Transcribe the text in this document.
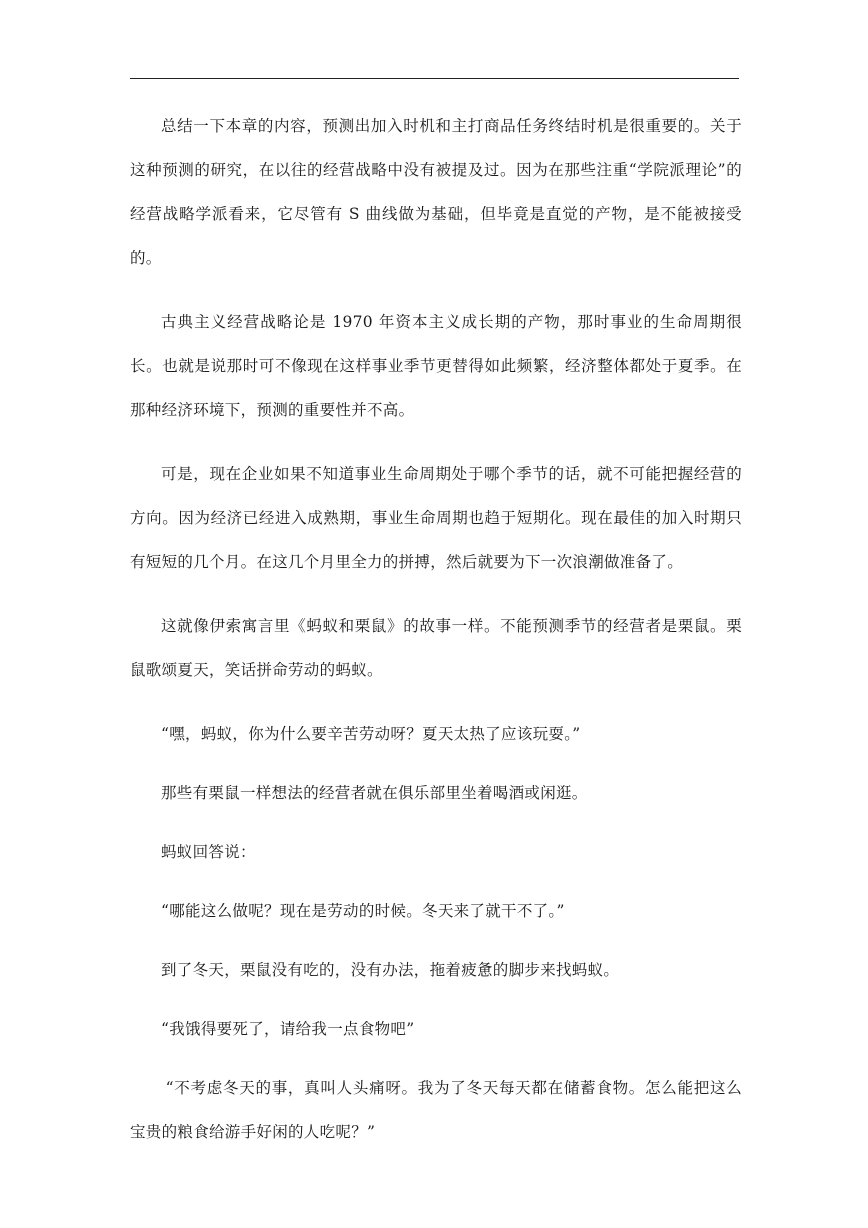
总结一下本章的内容，预测出加入时机和主打商品任务终结时机是很重要的。关于这种预测的研究，在以往的经营战略中没有被提及过。因为在那些注重“学院派理论”的经营战略学派看来，它尽管有 S 曲线做为基础，但毕竟是直觉的产物，是不能被接受的。

古典主义经营战略论是 1970 年资本主义成长期的产物，那时事业的生命周期很长。也就是说那时可不像现在这样事业季节更替得如此频繁，经济整体都处于夏季。在那种经济环境下，预测的重要性并不高。

可是，现在企业如果不知道事业生命周期处于哪个季节的话，就不可能把握经营的方向。因为经济已经进入成熟期，事业生命周期也趋于短期化。现在最佳的加入时期只有短短的几个月。在这几个月里全力的拼搏，然后就要为下一次浪潮做准备了。

这就像伊索寓言里《蚂蚁和栗鼠》的故事一样。不能预测季节的经营者是栗鼠。栗鼠歌颂夏天，笑话拼命劳动的蚂蚁。

“嘿，蚂蚁，你为什么要辛苦劳动呀？夏天太热了应该玩耍。”

那些有栗鼠一样想法的经营者就在俱乐部里坐着喝酒或闲逛。

蚂蚁回答说：

“哪能这么做呢？现在是劳动的时候。冬天来了就干不了。”

到了冬天，栗鼠没有吃的，没有办法，拖着疲惫的脚步来找蚂蚁。

“我饿得要死了，请给我一点食物吧”

“不考虑冬天的事，真叫人头痛呀。我为了冬天每天都在储蓄食物。怎么能把这么宝贵的粮食给游手好闲的人吃呢？”
